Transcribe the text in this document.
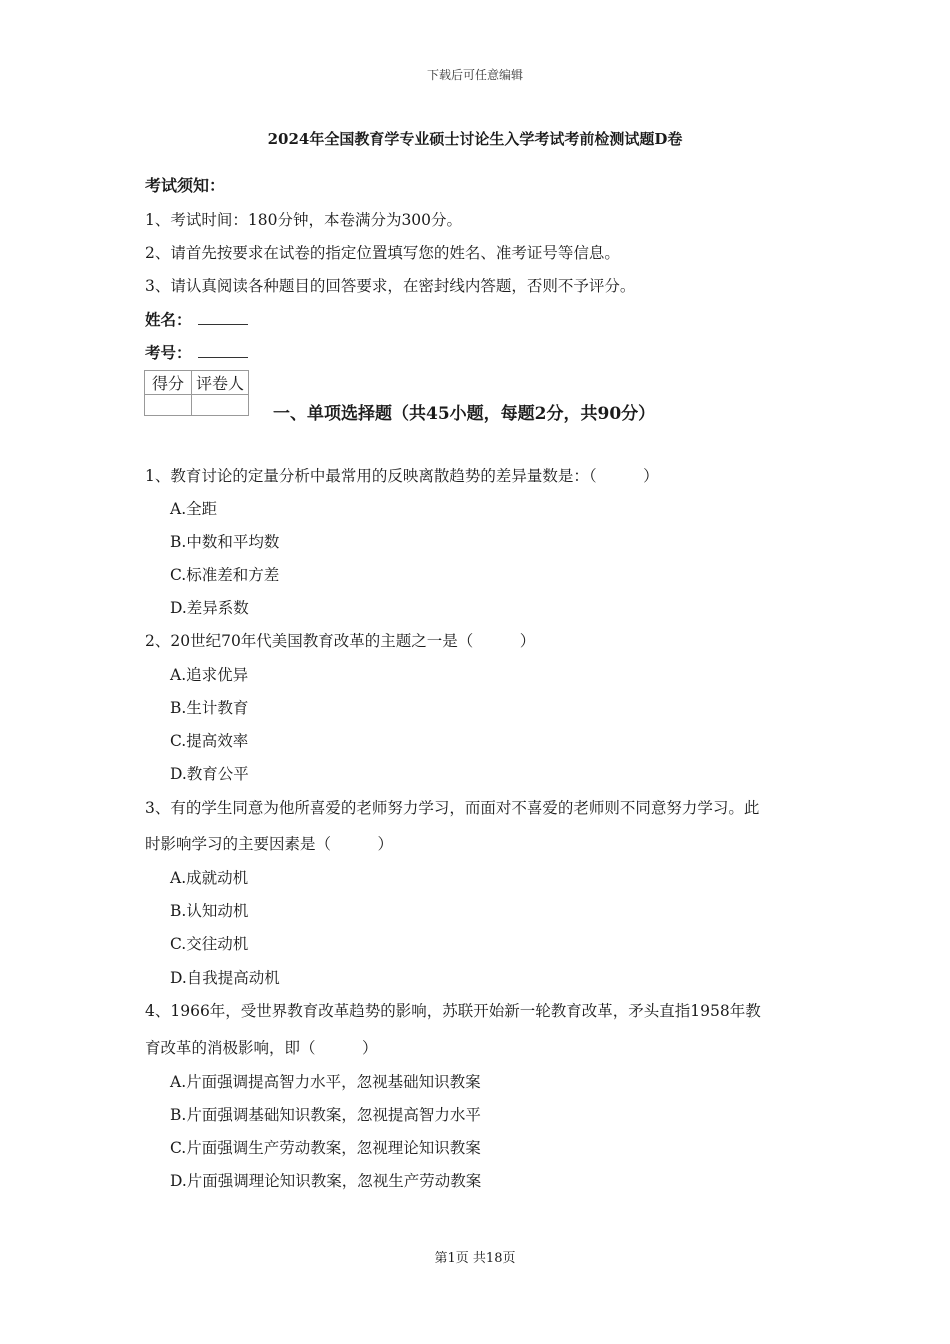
下载后可任意编辑
2024年全国教育学专业硕士讨论生入学考试考前检测试题D卷
考试须知：
1、考试时间：180分钟，本卷满分为300分。
2、请首先按要求在试卷的指定位置填写您的姓名、准考证号等信息。
3、请认真阅读各种题目的回答要求，在密封线内答题，否则不予评分。
姓名：
考号：
得分	评卷人

一、单项选择题（共45小题，每题2分，共90分）
1、教育讨论的定量分析中最常用的反映离散趋势的差异量数是：（　　　）
A.全距
B.中数和平均数
C.标准差和方差
D.差异系数
2、20世纪70年代美国教育改革的主题之一是（　　　）
A.追求优异
B.生计教育
C.提高效率
D.教育公平
3、有的学生同意为他所喜爱的老师努力学习，而面对不喜爱的老师则不同意努力学习。此
时影响学习的主要因素是（　　　）
A.成就动机
B.认知动机
C.交往动机
D.自我提高动机
4、1966年，受世界教育改革趋势的影响，苏联开始新一轮教育改革，矛头直指1958年教
育改革的消极影响，即（　　　）
A.片面强调提高智力水平，忽视基础知识教案
B.片面强调基础知识教案，忽视提高智力水平
C.片面强调生产劳动教案，忽视理论知识教案
D.片面强调理论知识教案，忽视生产劳动教案
第1页 共18页
